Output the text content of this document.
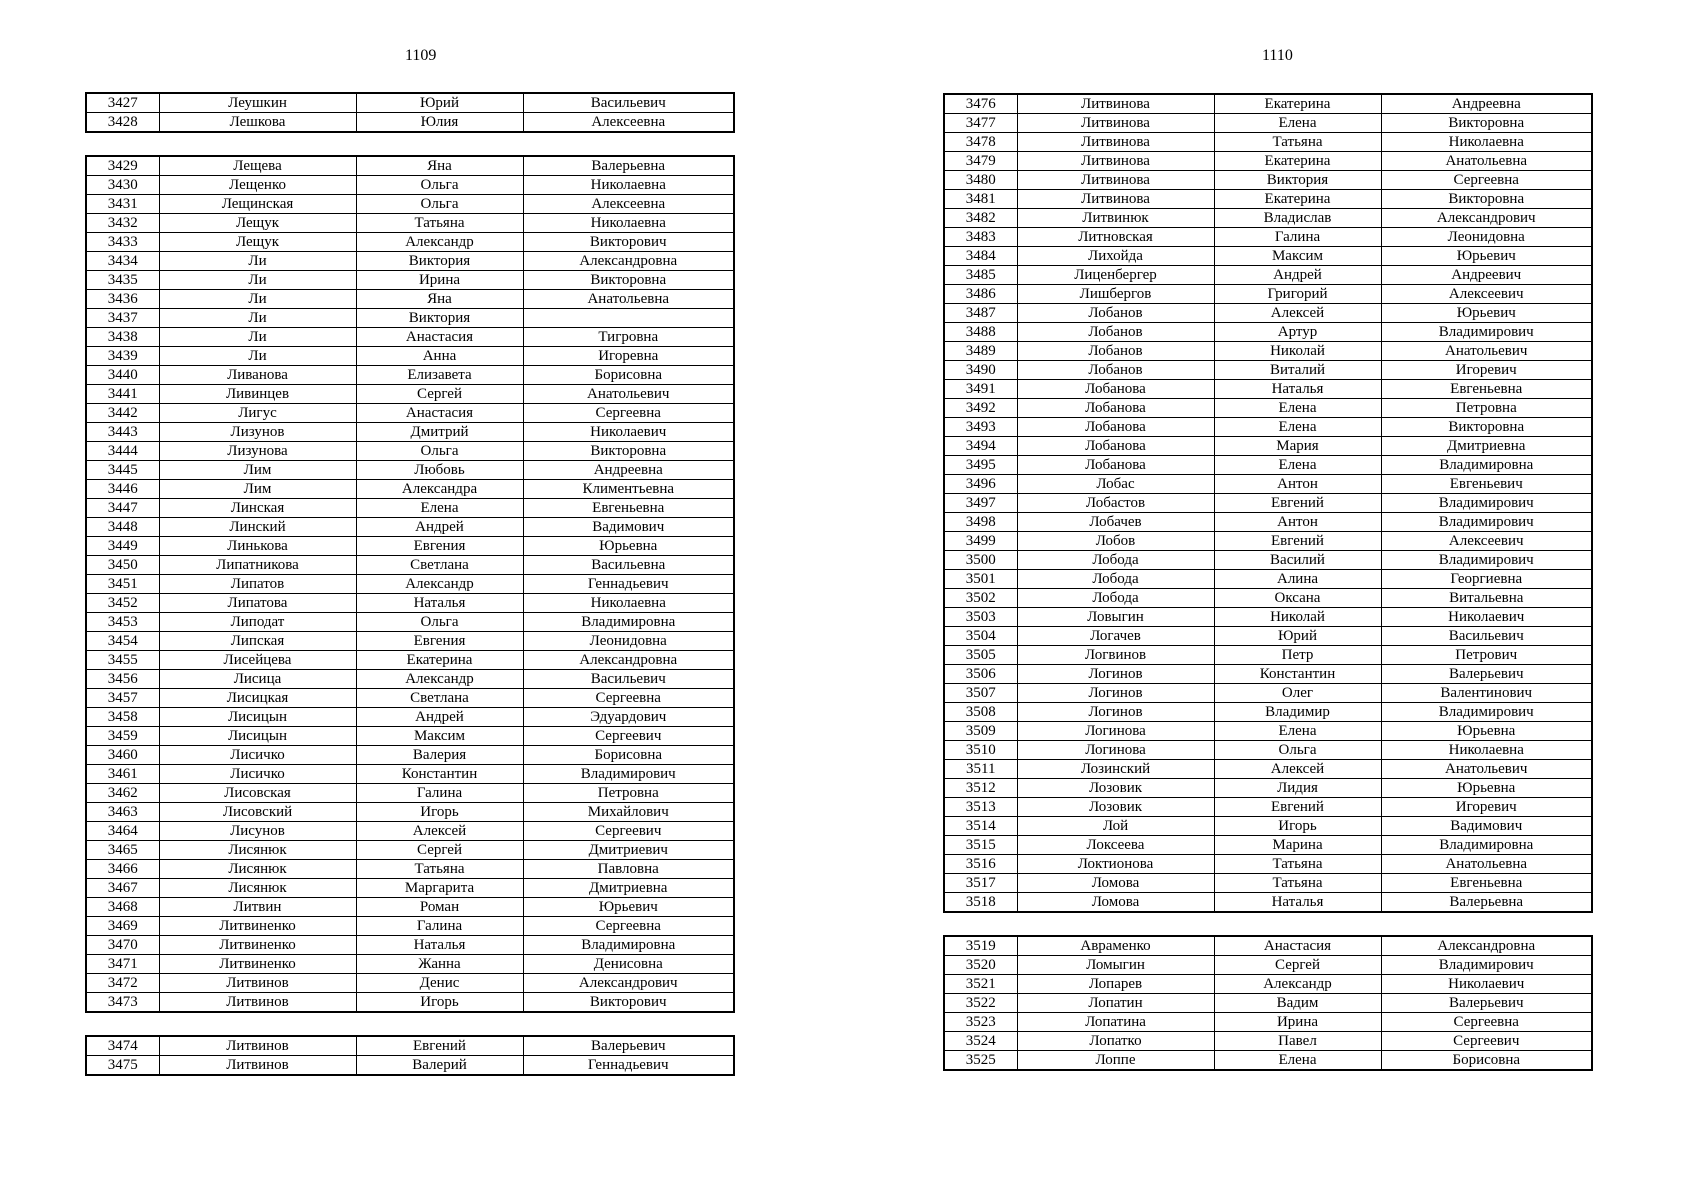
1109	1110
3427	Леушкин	Юрий	Васильевич
3428	Лешкова	Юлия	Алексеевна
3429	Лещева	Яна	Валерьевна
3430	Лещенко	Ольга	Николаевна
3431	Лещинская	Ольга	Алексеевна
3432	Лещук	Татьяна	Николаевна
3433	Лещук	Александр	Викторович
3434	Ли	Виктория	Александровна
3435	Ли	Ирина	Викторовна
3436	Ли	Яна	Анатольевна
3437	Ли	Виктория	
3438	Ли	Анастасия	Тигровна
3439	Ли	Анна	Игоревна
3440	Ливанова	Елизавета	Борисовна
3441	Ливинцев	Сергей	Анатольевич
3442	Лигус	Анастасия	Сергеевна
3443	Лизунов	Дмитрий	Николаевич
3444	Лизунова	Ольга	Викторовна
3445	Лим	Любовь	Андреевна
3446	Лим	Александра	Климентьевна
3447	Линская	Елена	Евгеньевна
3448	Линский	Андрей	Вадимович
3449	Линькова	Евгения	Юрьевна
3450	Липатникова	Светлана	Васильевна
3451	Липатов	Александр	Геннадьевич
3452	Липатова	Наталья	Николаевна
3453	Липодат	Ольга	Владимировна
3454	Липская	Евгения	Леонидовна
3455	Лисейцева	Екатерина	Александровна
3456	Лисица	Александр	Васильевич
3457	Лисицкая	Светлана	Сергеевна
3458	Лисицын	Андрей	Эдуардович
3459	Лисицын	Максим	Сергеевич
3460	Лисичко	Валерия	Борисовна
3461	Лисичко	Константин	Владимирович
3462	Лисовская	Галина	Петровна
3463	Лисовский	Игорь	Михайлович
3464	Лисунов	Алексей	Сергеевич
3465	Лисянюк	Сергей	Дмитриевич
3466	Лисянюк	Татьяна	Павловна
3467	Лисянюк	Маргарита	Дмитриевна
3468	Литвин	Роман	Юрьевич
3469	Литвиненко	Галина	Сергеевна
3470	Литвиненко	Наталья	Владимировна
3471	Литвиненко	Жанна	Денисовна
3472	Литвинов	Денис	Александрович
3473	Литвинов	Игорь	Викторович
3474	Литвинов	Евгений	Валерьевич
3475	Литвинов	Валерий	Геннадьевич
3476	Литвинова	Екатерина	Андреевна
3477	Литвинова	Елена	Викторовна
3478	Литвинова	Татьяна	Николаевна
3479	Литвинова	Екатерина	Анатольевна
3480	Литвинова	Виктория	Сергеевна
3481	Литвинова	Екатерина	Викторовна
3482	Литвинюк	Владислав	Александрович
3483	Литновская	Галина	Леонидовна
3484	Лихойда	Максим	Юрьевич
3485	Лиценбергер	Андрей	Андреевич
3486	Лишбергов	Григорий	Алексеевич
3487	Лобанов	Алексей	Юрьевич
3488	Лобанов	Артур	Владимирович
3489	Лобанов	Николай	Анатольевич
3490	Лобанов	Виталий	Игоревич
3491	Лобанова	Наталья	Евгеньевна
3492	Лобанова	Елена	Петровна
3493	Лобанова	Елена	Викторовна
3494	Лобанова	Мария	Дмитриевна
3495	Лобанова	Елена	Владимировна
3496	Лобас	Антон	Евгеньевич
3497	Лобастов	Евгений	Владимирович
3498	Лобачев	Антон	Владимирович
3499	Лобов	Евгений	Алексеевич
3500	Лобода	Василий	Владимирович
3501	Лобода	Алина	Георгиевна
3502	Лобода	Оксана	Витальевна
3503	Ловыгин	Николай	Николаевич
3504	Логачев	Юрий	Васильевич
3505	Логвинов	Петр	Петрович
3506	Логинов	Константин	Валерьевич
3507	Логинов	Олег	Валентинович
3508	Логинов	Владимир	Владимирович
3509	Логинова	Елена	Юрьевна
3510	Логинова	Ольга	Николаевна
3511	Лозинский	Алексей	Анатольевич
3512	Лозовик	Лидия	Юрьевна
3513	Лозовик	Евгений	Игоревич
3514	Лой	Игорь	Вадимович
3515	Локсеева	Марина	Владимировна
3516	Локтионова	Татьяна	Анатольевна
3517	Ломова	Татьяна	Евгеньевна
3518	Ломова	Наталья	Валерьевна
3519	Авраменко	Анастасия	Александровна
3520	Ломыгин	Сергей	Владимирович
3521	Лопарев	Александр	Николаевич
3522	Лопатин	Вадим	Валерьевич
3523	Лопатина	Ирина	Сергеевна
3524	Лопатко	Павел	Сергеевич
3525	Лоппе	Елена	Борисовна
